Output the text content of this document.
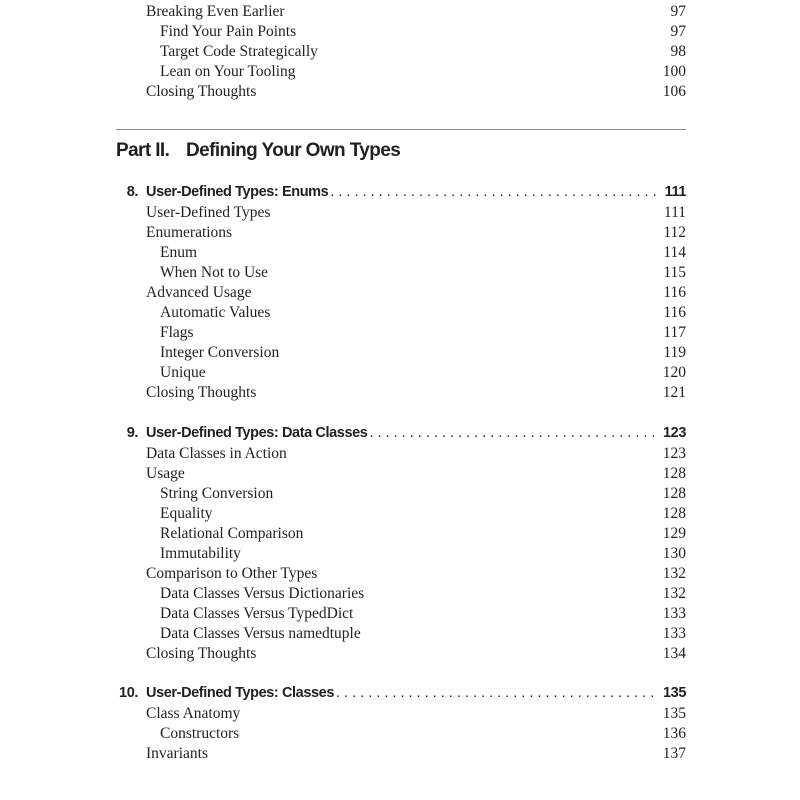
Breaking Even Earlier	97
Find Your Pain Points	97
Target Code Strategically	98
Lean on Your Tooling	100
Closing Thoughts	106
Part II. Defining Your Own Types
8. User-Defined Types: Enums . . .	111
User-Defined Types	111
Enumerations	112
Enum	114
When Not to Use	115
Advanced Usage	116
Automatic Values	116
Flags	117
Integer Conversion	119
Unique	120
Closing Thoughts	121
9. User-Defined Types: Data Classes . . .	123
Data Classes in Action	123
Usage	128
String Conversion	128
Equality	128
Relational Comparison	129
Immutability	130
Comparison to Other Types	132
Data Classes Versus Dictionaries	132
Data Classes Versus TypedDict	133
Data Classes Versus namedtuple	133
Closing Thoughts	134
10. User-Defined Types: Classes . . .	135
Class Anatomy	135
Constructors	136
Invariants	137
